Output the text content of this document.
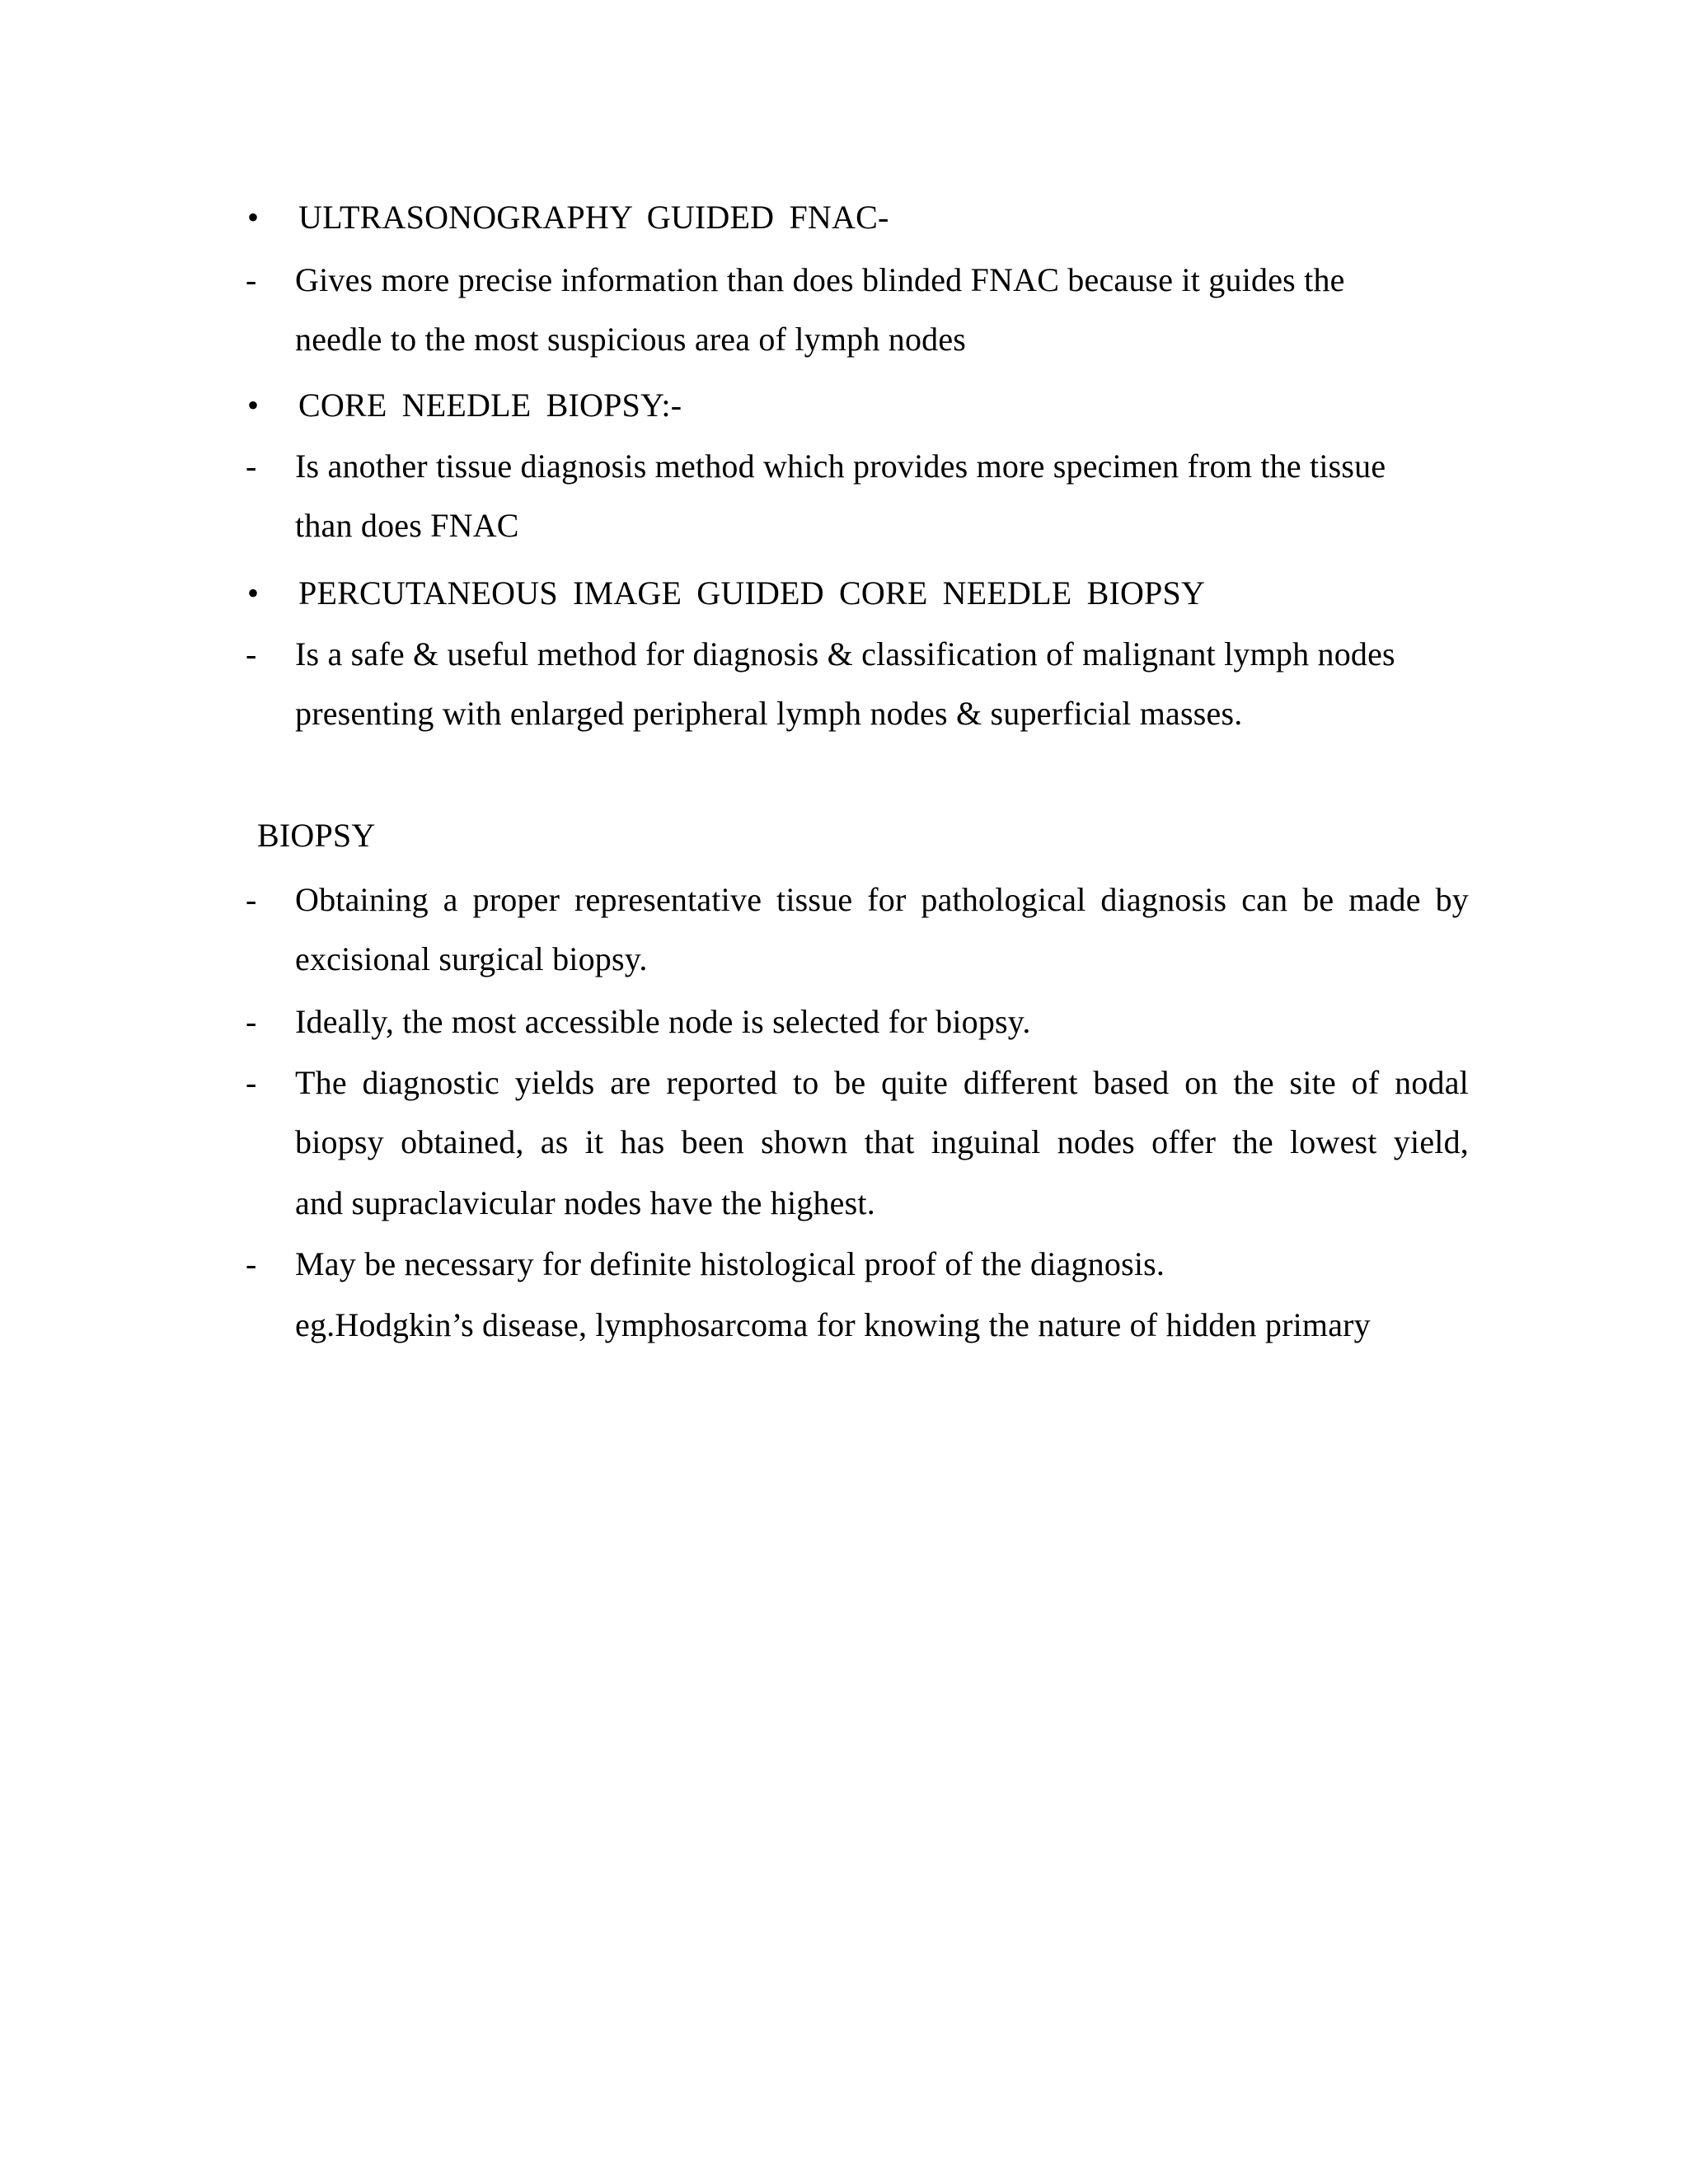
• ULTRASONOGRAPHY GUIDED FNAC-
- Gives more precise information than does blinded FNAC because it guides the
needle to the most suspicious area of lymph nodes
• CORE NEEDLE BIOPSY:-
- Is another tissue diagnosis method which provides more specimen from the tissue
than does FNAC
• PERCUTANEOUS IMAGE GUIDED CORE NEEDLE BIOPSY
- Is a safe & useful method for diagnosis & classification of malignant lymph nodes
presenting with enlarged peripheral lymph nodes & superficial masses.
BIOPSY
- Obtaining a proper representative tissue for pathological diagnosis can be made by
excisional surgical biopsy.
- Ideally, the most accessible node is selected for biopsy.
- The diagnostic yields are reported to be quite different based on the site of nodal
biopsy obtained, as it has been shown that inguinal nodes offer the lowest yield,
and supraclavicular nodes have the highest.
- May be necessary for definite histological proof of the diagnosis.
eg.Hodgkin’s disease, lymphosarcoma for knowing the nature of hidden primary
